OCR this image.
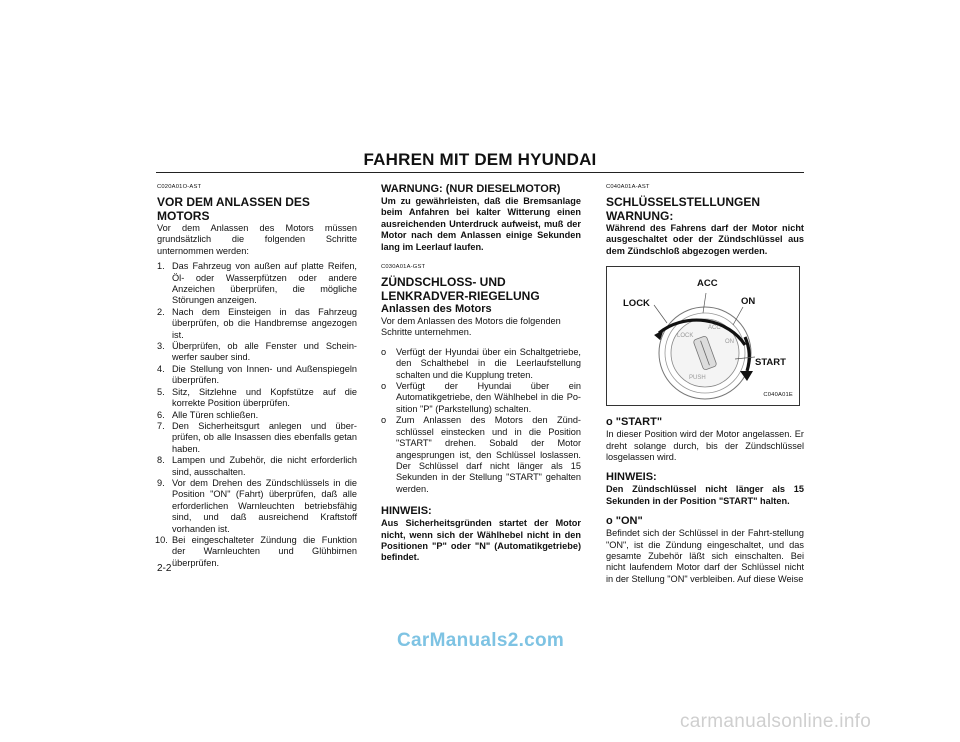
FAHREN MIT DEM HYUNDAI
C020A01O-AST
VOR DEM ANLASSEN DES MOTORS
Vor dem Anlassen des Motors müssen grundsätzlich die folgenden Schritte unternommen werden:
1. Das Fahrzeug von außen auf platte Reifen, Öl- oder Wasserpfützen oder andere Anzeichen überprüfen, die mögliche Störungen anzeigen.
2. Nach dem Einsteigen in das Fahrzeug überprüfen, ob die Handbremse angezogen ist.
3. Überprüfen, ob alle Fenster und Schein-werfer sauber sind.
4. Die Stellung von Innen- und Außenspiegeln überprüfen.
5. Sitz, Sitzlehne und Kopfstütze auf die korrekte Position überprüfen.
6. Alle Türen schließen.
7. Den Sicherheitsgurt anlegen und über-prüfen, ob alle Insassen dies ebenfalls getan haben.
8. Lampen und Zubehör, die nicht erforderlich sind, ausschalten.
9. Vor dem Drehen des Zündschlüssels in die Position "ON" (Fahrt) überprüfen, daß alle erforderlichen Warnleuchten betriebsfähig sind, und daß ausreichend Kraftstoff vorhanden ist.
10. Bei eingeschalteter Zündung die Funktion der Warnleuchten und Glühbirnen überprüfen.
WARNUNG: (NUR DIESELMOTOR)
Um zu gewährleisten, daß die Bremsanlage beim Anfahren bei kalter Witterung einen ausreichenden Unterdruck aufweist, muß der Motor nach dem Anlassen einige Sekunden lang im Leerlauf laufen.
C030A01A-GST
ZÜNDSCHLOSS- UND LENKRADVER-RIEGELUNG
Anlassen des Motors
Vor dem Anlassen des Motors die folgenden Schritte unternehmen.
o Verfügt der Hyundai über ein Schaltgetriebe, den Schalthebel in die Leerlaufstellung schalten und die Kupplung treten.
o Verfügt der Hyundai über ein Automatikgetriebe, den Wählhebel in die Po-sition "P" (Parkstellung) schalten.
o Zum Anlassen des Motors den Zünd-schlüssel einstecken und in die Position "START" drehen. Sobald der Motor angesprungen ist, den Schlüssel loslassen. Der Schlüssel darf nicht länger als 15 Sekunden in der Stellung "START" gehalten werden.
HINWEIS:
Aus Sicherheitsgründen startet der Motor nicht, wenn sich der Wählhebel nicht in den Positionen "P" oder "N" (Automatikgetriebe) befindet.
C040A01A-AST
SCHLÜSSELSTELLUNGEN
WARNUNG:
Während des Fahrens darf der Motor nicht ausgeschaltet oder der Zündschlüssel aus dem Zündschloß abgezogen werden.
LOCK
ACC
ON
PUSH
LOCK
ACC
ON
START
C040A01E
o "START"
In dieser Position wird der Motor angelassen. Er dreht solange durch, bis der Zündschlüssel losgelassen wird.
HINWEIS:
Den Zündschlüssel nicht länger als 15 Sekunden in der Position "START" halten.
o "ON"
Befindet sich der Schlüssel in der Fahrt-stellung "ON", ist die Zündung eingeschaltet, und das gesamte Zubehör läßt sich einschalten. Bei nicht laufendem Motor darf der Schlüssel nicht in der Stellung "ON" verbleiben. Auf diese Weise
2-2
CarManuals2.com
carmanualsonline.info
